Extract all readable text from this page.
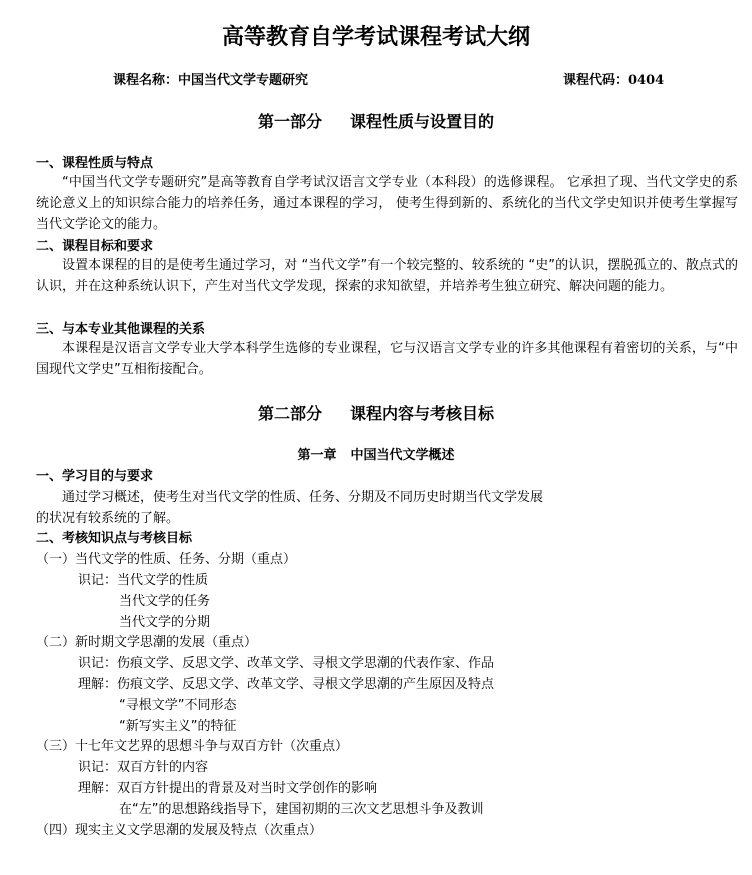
高等教育自学考试课程考试大纲
课程名称：中国当代文学专题研究	课程代码：0404
第一部分 课程性质与设置目的
一、课程性质与特点
“中国当代文学专题研究”是高等教育自学考试汉语言文学专业（本科段）的选修课程。 它承担了现、当代文学史的系统论意义上的知识综合能力的培养任务，通过本课程的学习， 使考生得到新的、系统化的当代文学史知识并使考生掌握写当代文学论文的能力。
二、课程目标和要求
设置本课程的目的是使考生通过学习，对 “当代文学”有一个较完整的、较系统的 “史”的认识，摆脱孤立的、散点式的认识，并在这种系统认识下，产生对当代文学发现，探索的求知欲望，并培养考生独立研究、解决问题的能力。
三、与本专业其他课程的关系
本课程是汉语言文学专业大学本科学生选修的专业课程，它与汉语言文学专业的许多其他课程有着密切的关系，与“中国现代文学史”互相衔接配合。
第二部分 课程内容与考核目标
第一章 中国当代文学概述
一、学习目的与要求
通过学习概述，使考生对当代文学的性质、任务、分期及不同历史时期当代文学发展
的状况有较系统的了解。
二、考核知识点与考核目标
（一）当代文学的性质、任务、分期（重点）
识记：当代文学的性质
当代文学的任务
当代文学的分期
（二）新时期文学思潮的发展（重点）
识记：伤痕文学、反思文学、改革文学、寻根文学思潮的代表作家、作品
理解：伤痕文学、反思文学、改革文学、寻根文学思潮的产生原因及特点
“寻根文学”不同形态
“新写实主义”的特征
（三）十七年文艺界的思想斗争与双百方针（次重点）
识记：双百方针的内容
理解：双百方针提出的背景及对当时文学创作的影响
在“左”的思想路线指导下，建国初期的三次文艺思想斗争及教训
（四）现实主义文学思潮的发展及特点（次重点）
